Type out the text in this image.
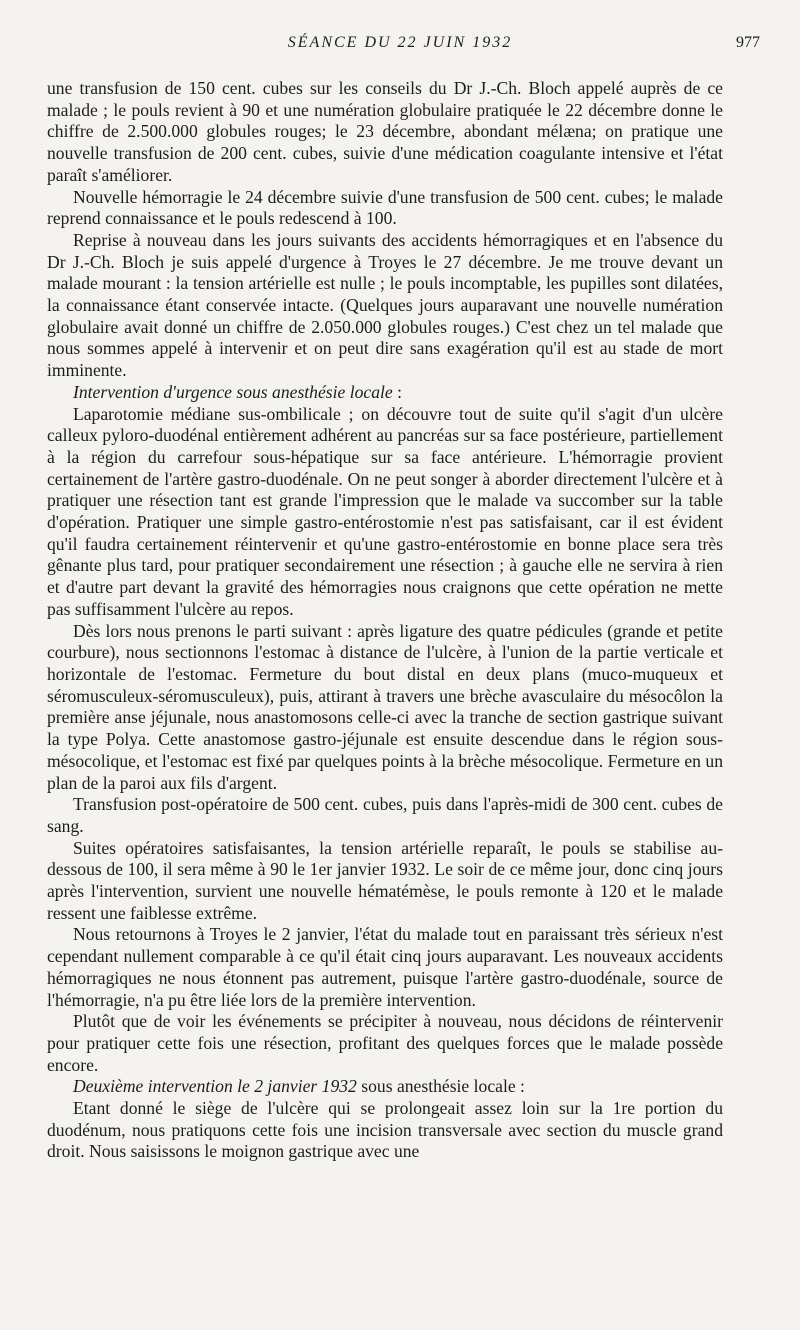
SÉANCE DU 22 JUIN 1932	977

une transfusion de 150 cent. cubes sur les conseils du Dr J.-Ch. Bloch appelé auprès de ce malade ; le pouls revient à 90 et une numération globulaire pratiquée le 22 décembre donne le chiffre de 2.500.000 globules rouges; le 23 décembre, abondant mélæna; on pratique une nouvelle transfusion de 200 cent. cubes, suivie d'une médication coagulante intensive et l'état paraît s'améliorer.

Nouvelle hémorragie le 24 décembre suivie d'une transfusion de 500 cent. cubes; le malade reprend connaissance et le pouls redescend à 100.

Reprise à nouveau dans les jours suivants des accidents hémorragiques et en l'absence du Dr J.-Ch. Bloch je suis appelé d'urgence à Troyes le 27 décembre. Je me trouve devant un malade mourant : la tension artérielle est nulle ; le pouls incomptable, les pupilles sont dilatées, la connaissance étant conservée intacte. (Quelques jours auparavant une nouvelle numération globulaire avait donné un chiffre de 2.050.000 globules rouges.) C'est chez un tel malade que nous sommes appelé à intervenir et on peut dire sans exagération qu'il est au stade de mort imminente.

Intervention d'urgence sous anesthésie locale :

Laparotomie médiane sus-ombilicale ; on découvre tout de suite qu'il s'agit d'un ulcère calleux pyloro-duodénal entièrement adhérent au pancréas sur sa face postérieure, partiellement à la région du carrefour sous-hépatique sur sa face antérieure. L'hémorragie provient certainement de l'artère gastro-duodénale. On ne peut songer à aborder directement l'ulcère et à pratiquer une résection tant est grande l'impression que le malade va succomber sur la table d'opération. Pratiquer une simple gastro-entérostomie n'est pas satisfaisant, car il est évident qu'il faudra certainement réintervenir et qu'une gastro-entérostomie en bonne place sera très gênante plus tard, pour pratiquer secondairement une résection ; à gauche elle ne servira à rien et d'autre part devant la gravité des hémorragies nous craignons que cette opération ne mette pas suffisamment l'ulcère au repos.

Dès lors nous prenons le parti suivant : après ligature des quatre pédicules (grande et petite courbure), nous sectionnons l'estomac à distance de l'ulcère, à l'union de la partie verticale et horizontale de l'estomac. Fermeture du bout distal en deux plans (muco-muqueux et séromusculeux-séromusculeux), puis, attirant à travers une brèche avasculaire du mésocôlon la première anse jéjunale, nous anastomosons celle-ci avec la tranche de section gastrique suivant la type Polya. Cette anastomose gastro-jéjunale est ensuite descendue dans le région sous-mésocolique, et l'estomac est fixé par quelques points à la brèche mésocolique. Fermeture en un plan de la paroi aux fils d'argent.

Transfusion post-opératoire de 500 cent. cubes, puis dans l'après-midi de 300 cent. cubes de sang.

Suites opératoires satisfaisantes, la tension artérielle reparaît, le pouls se stabilise au-dessous de 100, il sera même à 90 le 1er janvier 1932. Le soir de ce même jour, donc cinq jours après l'intervention, survient une nouvelle hématémèse, le pouls remonte à 120 et le malade ressent une faiblesse extrême.

Nous retournons à Troyes le 2 janvier, l'état du malade tout en paraissant très sérieux n'est cependant nullement comparable à ce qu'il était cinq jours auparavant. Les nouveaux accidents hémorragiques ne nous étonnent pas autrement, puisque l'artère gastro-duodénale, source de l'hémorragie, n'a pu être liée lors de la première intervention.

Plutôt que de voir les événements se précipiter à nouveau, nous décidons de réintervenir pour pratiquer cette fois une résection, profitant des quelques forces que le malade possède encore.

Deuxième intervention le 2 janvier 1932 sous anesthésie locale :

Etant donné le siège de l'ulcère qui se prolongeait assez loin sur la 1re portion du duodénum, nous pratiquons cette fois une incision transversale avec section du muscle grand droit. Nous saisissons le moignon gastrique avec une
